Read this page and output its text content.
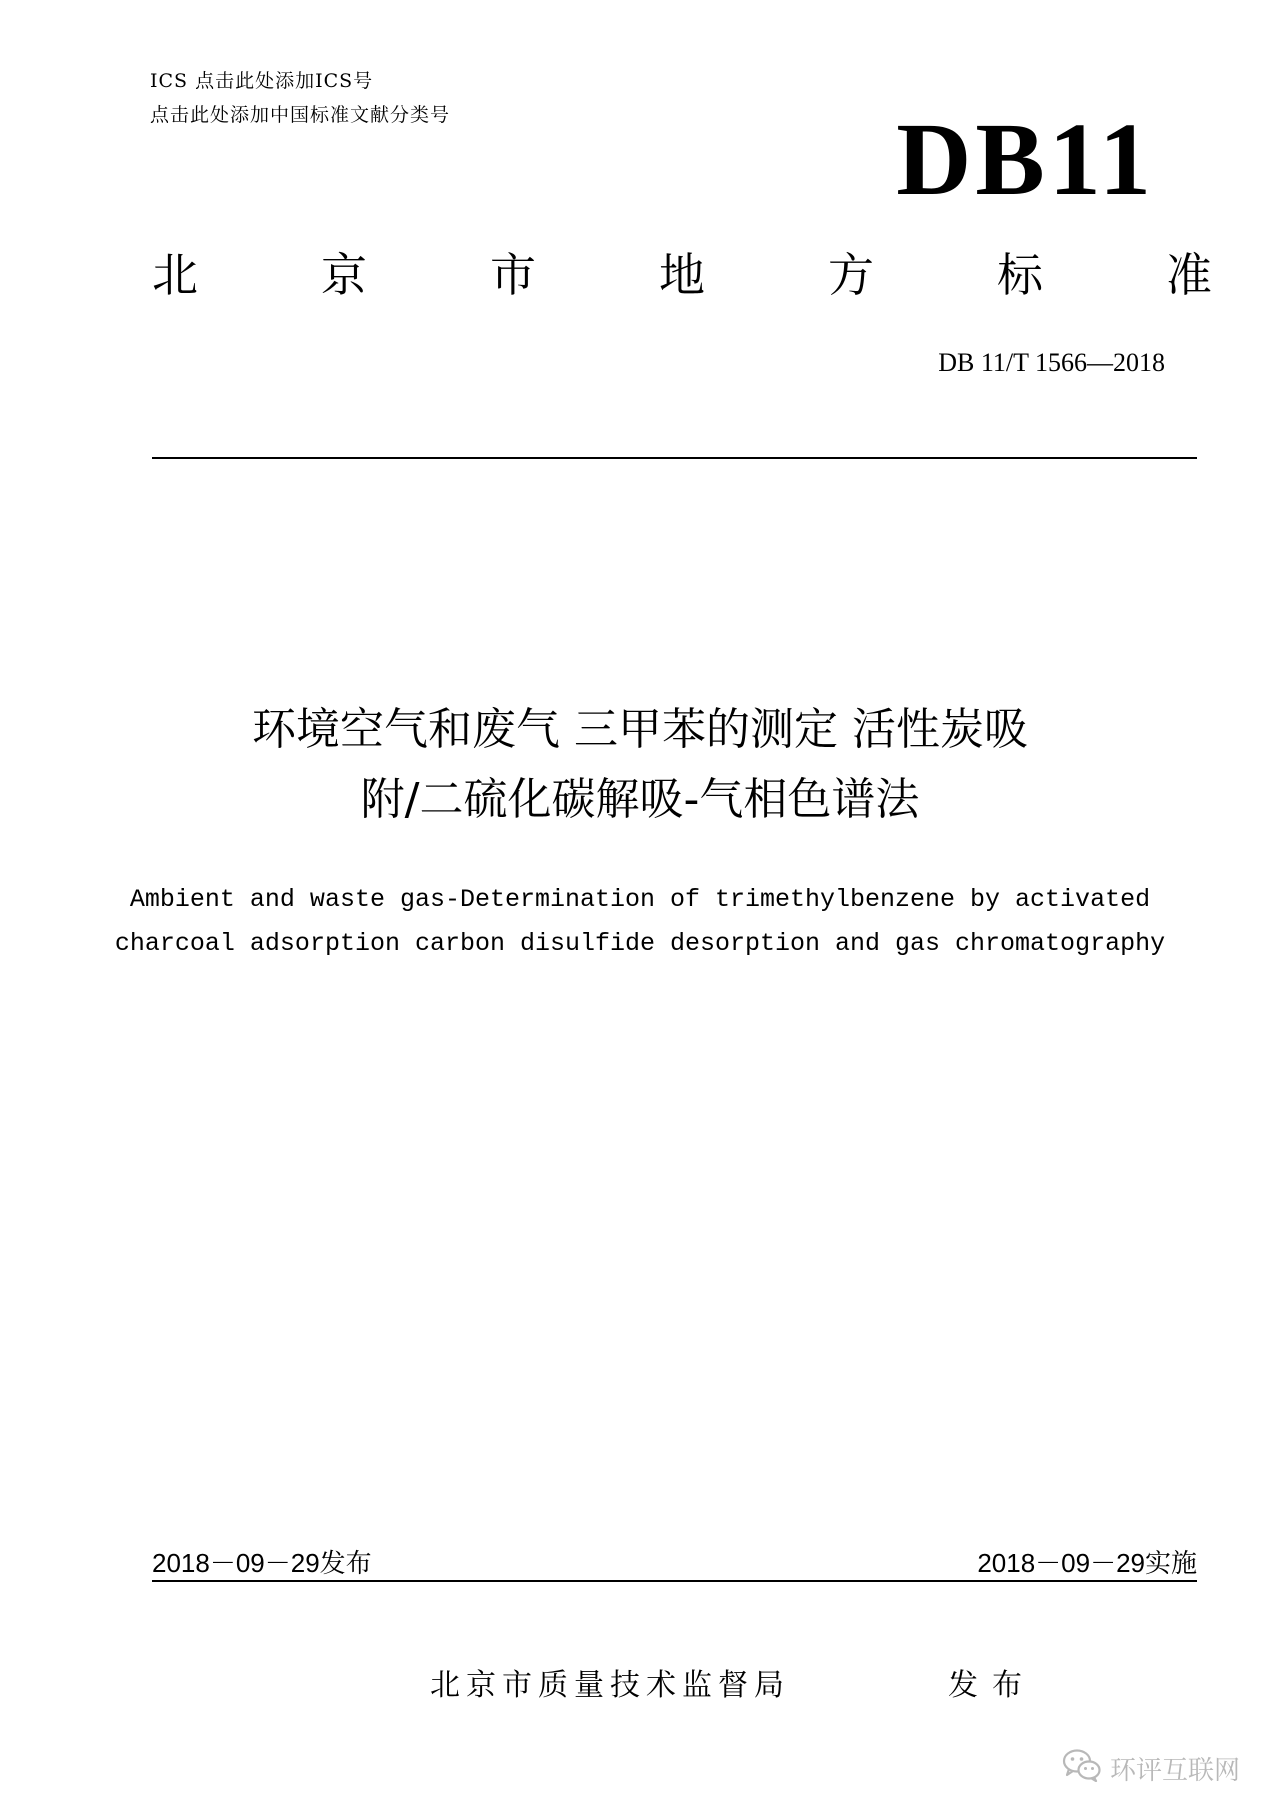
ICS 点击此处添加ICS号
点击此处添加中国标准文献分类号	DB11
北	京	市	地	方	标	准
DB 11/T 1566—2018
环境空气和废气 三甲苯的测定 活性炭吸
附/二硫化碳解吸-气相色谱法
Ambient and waste gas-Determination of trimethylbenzene by activated
charcoal adsorption carbon disulfide desorption and gas chromatography
2018－09－29发布	2018－09－29实施
北京市质量技术监督局	发布
环评互联网
